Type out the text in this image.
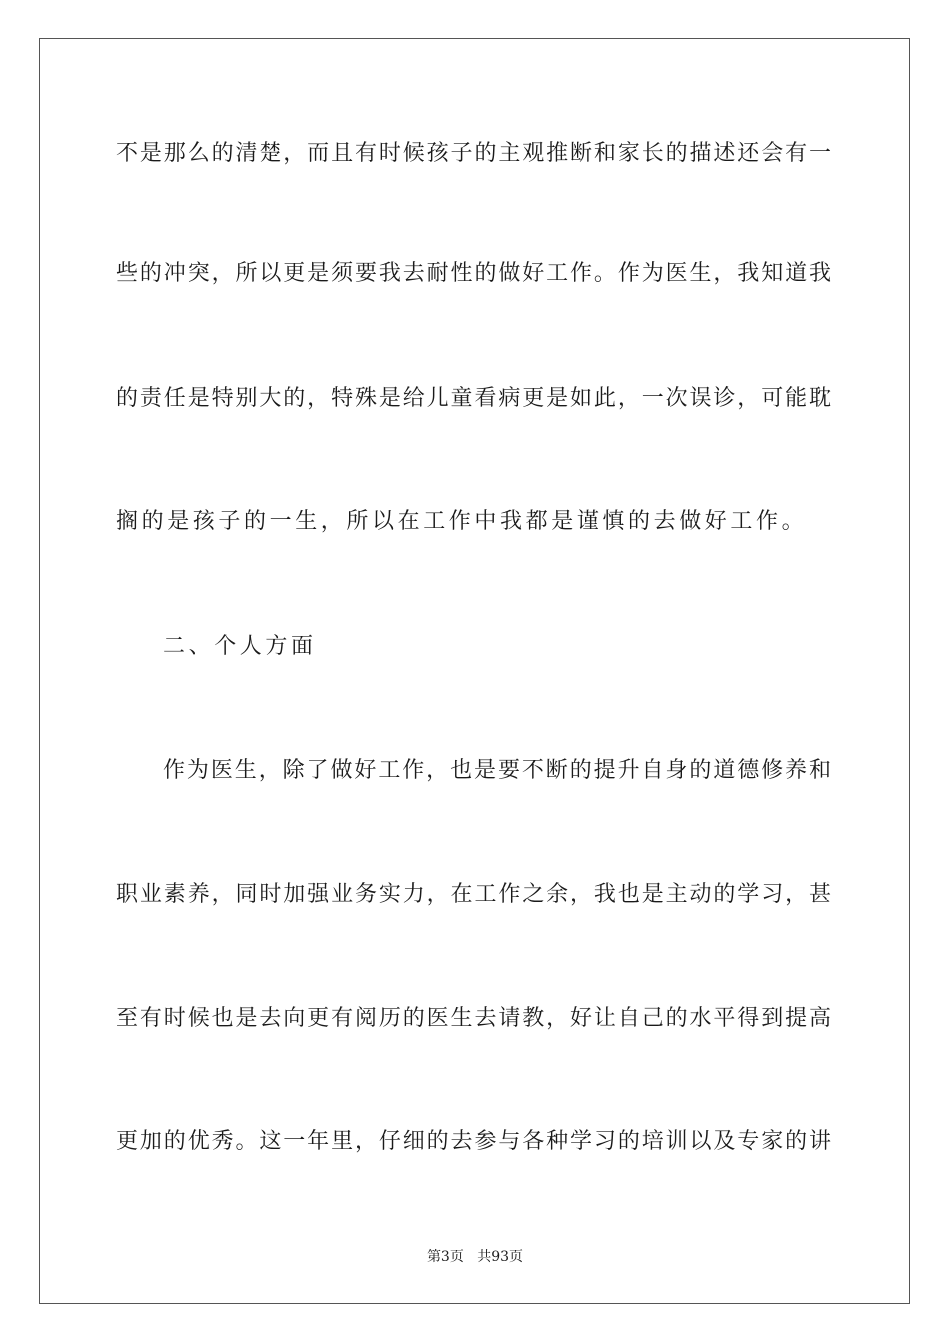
不是那么的清楚，而且有时候孩子的主观推断和家长的描述还会有一
些的冲突，所以更是须要我去耐性的做好工作。作为医生，我知道我
的责任是特别大的，特殊是给儿童看病更是如此，一次误诊，可能耽
搁的是孩子的一生，所以在工作中我都是谨慎的去做好工作。
二、个人方面
作为医生，除了做好工作，也是要不断的提升自身的道德修养和
职业素养，同时加强业务实力，在工作之余，我也是主动的学习，甚
至有时候也是去向更有阅历的医生去请教，好让自己的水平得到提高
更加的优秀。这一年里，仔细的去参与各种学习的培训以及专家的讲
第3页 共93页
